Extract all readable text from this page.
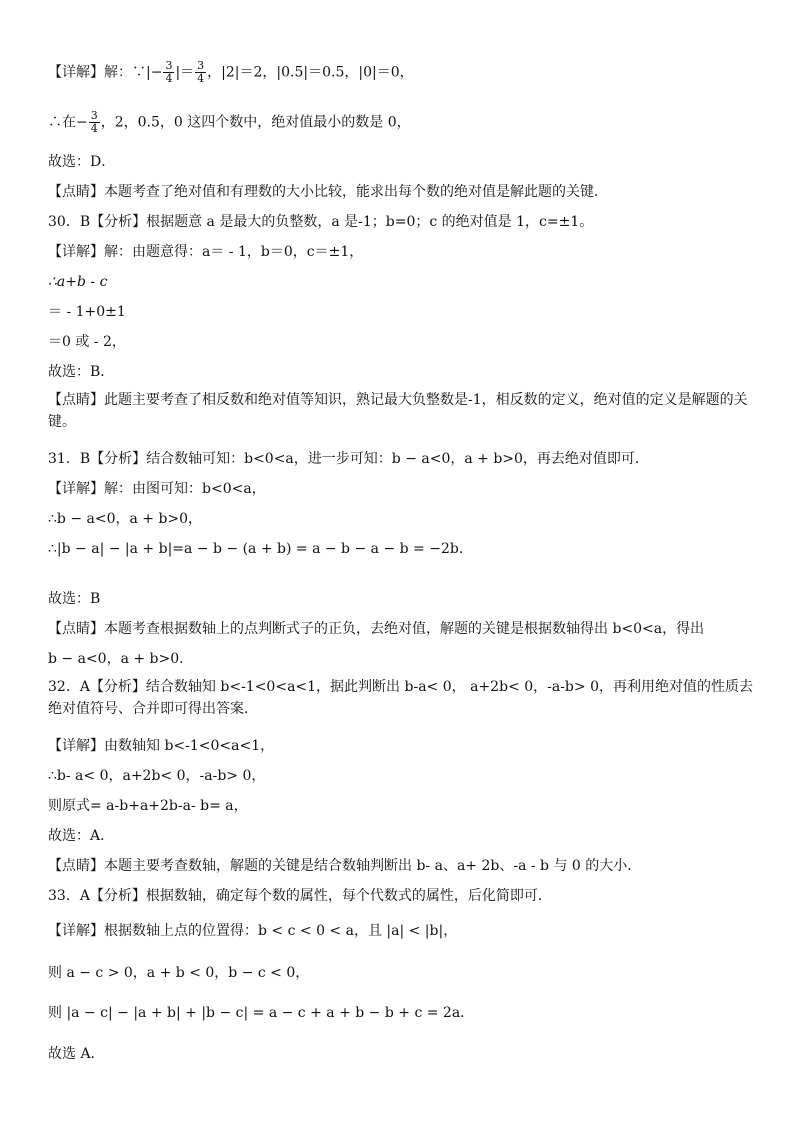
【详解】解：∵|− $\frac{3}{4}$ |＝ $\frac{3}{4}$ ，|2|＝2，|0.5|＝0.5，|0|＝0，
∴在− $\frac{3}{4}$ ，2，0.5，0 这四个数中，绝对值最小的数是 0，
故选：D．
【点睛】本题考查了绝对值和有理数的大小比较，能求出每个数的绝对值是解此题的关键．
30．B【分析】根据题意 a 是最大的负整数，a 是-1；b=0；c 的绝对值是 1，c=±1。
【详解】解：由题意得：a＝ - 1，b＝0，c＝±1，
∴a+b - c
＝ - 1+0±1
＝0 或 - 2，
故选：B．
【点睛】此题主要考查了相反数和绝对值等知识，熟记最大负整数是-1，相反数的定义，绝对值的定义是解题的关键。
31．B【分析】结合数轴可知：b<0<a，进一步可知：b − a<0，a + b>0，再去绝对值即可．
【详解】解：由图可知：b<0<a，
∴b − a<0，a + b>0，
∴|b − a| − |a + b|=a − b − (a + b) = a − b − a − b = −2b．
故选：B
【点睛】本题考查根据数轴上的点判断式子的正负，去绝对值，解题的关键是根据数轴得出 b<0<a，得出
b − a<0，a + b>0．
32．A【分析】结合数轴知 b<-1<0<a<1，据此判断出 b-a< 0， a+2b< 0，-a-b> 0，再利用绝对值的性质去绝对值符号、合并即可得出答案．
【详解】由数轴知 b<-1<0<a<1，
∴b- a< 0，a+2b< 0，-a-b> 0，
则原式= a-b+a+2b-a- b= a，
故选：A．
【点睛】本题主要考查数轴，解题的关键是结合数轴判断出 b- a、a+ 2b、-a - b 与 0 的大小．
33．A【分析】根据数轴，确定每个数的属性，每个代数式的属性，后化简即可．
【详解】根据数轴上点的位置得：b < c < 0 < a，且 |a| < |b|，
则 a − c > 0，a + b < 0，b − c < 0，
则 |a − c| − |a + b| + |b − c| = a − c + a + b − b + c = 2a．
故选 A．
